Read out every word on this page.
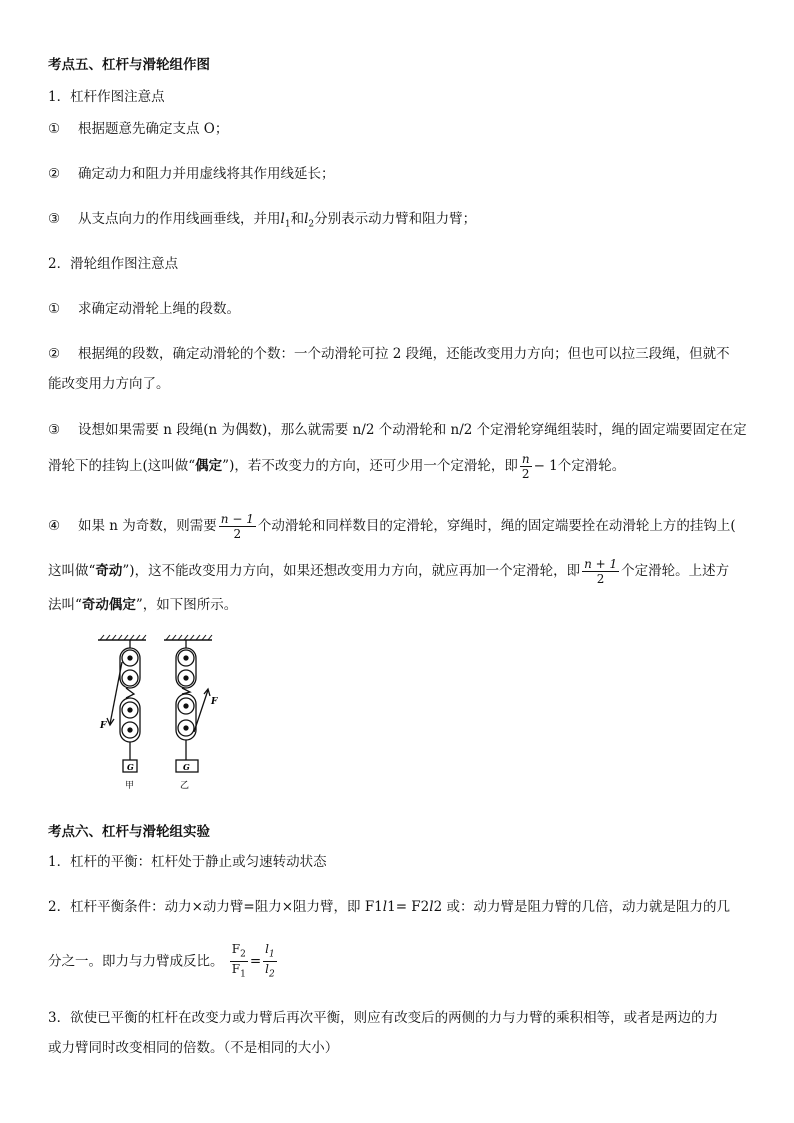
考点五、杠杆与滑轮组作图
1．杠杆作图注意点
① 根据题意先确定支点 O；
② 确定动力和阻力并用虚线将其作用线延长；
③ 从支点向力的作用线画垂线，并用$l_1$和$l_2$分别表示动力臂和阻力臂；
2．滑轮组作图注意点
① 求确定动滑轮上绳的段数。
② 根据绳的段数，确定动滑轮的个数：一个动滑轮可拉 2 段绳，还能改变用力方向；但也可以拉三段绳，但就不
能改变用力方向了。
③ 设想如果需要 n 段绳(n 为偶数)，那么就需要 n/2 个动滑轮和 n/2 个定滑轮穿绳组装时，绳的固定端要固定在定
滑轮下的挂钩上(这叫做“偶定”)，若不改变力的方向，还可少用一个定滑轮，即 $\frac{n}{2} - 1$个定滑轮。
④ 如果 n 为奇数，则需要 $\frac{n - 1}{2}$ 个动滑轮和同样数目的定滑轮，穿绳时，绳的固定端要拴在动滑轮上方的挂钩上(
这叫做“奇动”)，这不能改变用力方向，如果还想改变用力方向，就应再加一个定滑轮，即 $\frac{n + 1}{2}$ 个定滑轮。上述方
法叫“奇动偶定”，如下图所示。
G
F
甲
G
F
乙
考点六、杠杆与滑轮组实验
1．杠杆的平衡：杠杆处于静止或匀速转动状态
2．杠杆平衡条件：动力×动力臂=阻力×阻力臂，即 F1l1= F2l2 或：动力臂是阻力臂的几倍，动力就是阻力的几
分之一。即力与力臂成反比。 $\frac{F_2}{F_1} = \frac{l_1}{l_2}$
3．欲使已平衡的杠杆在改变力或力臂后再次平衡，则应有改变后的两侧的力与力臂的乘积相等，或者是两边的力
或力臂同时改变相同的倍数。（不是相同的大小）
